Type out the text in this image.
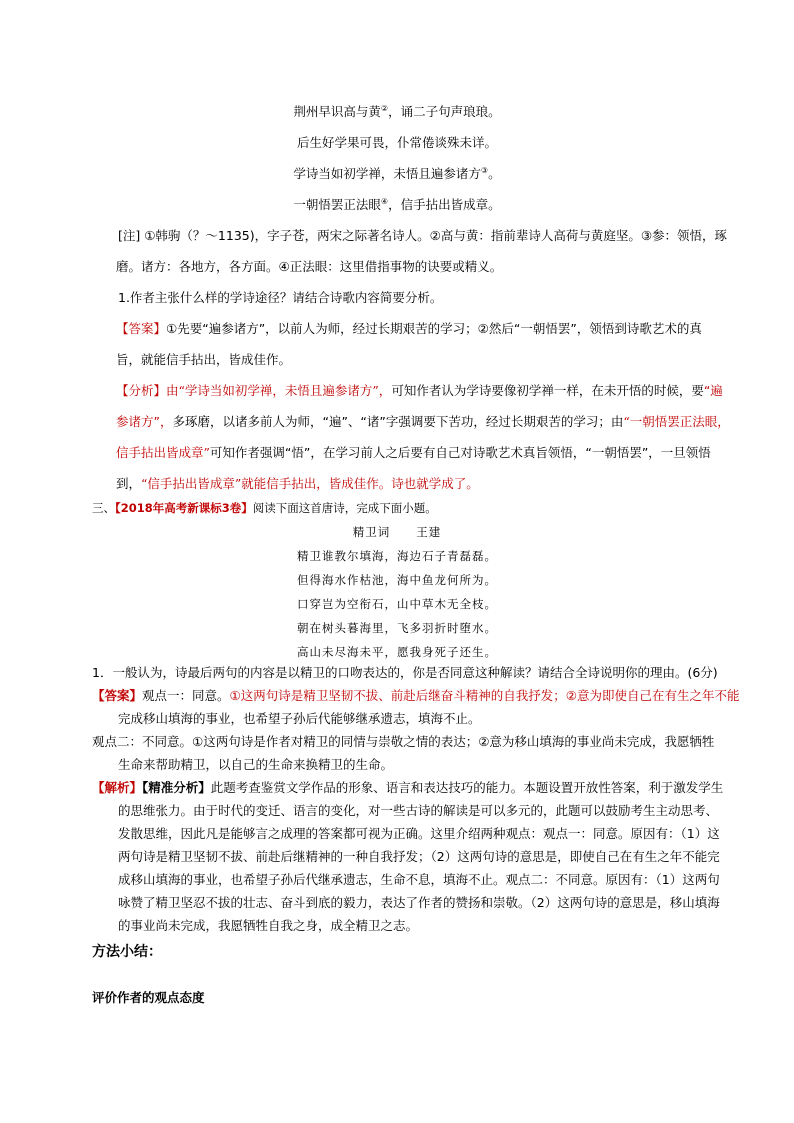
荆州早识高与黄②，诵二子句声琅琅。
后生好学果可畏，仆常倦谈殊未详。
学诗当如初学禅，未悟且遍参诸方③。
一朝悟罢正法眼④，信手拈出皆成章。
[注] ①韩驹（？～1135)，字子苍，两宋之际著名诗人。②高与黄：指前辈诗人高荷与黄庭坚。③参：领悟，琢
磨。诸方：各地方，各方面。④正法眼：这里借指事物的诀要或精义。
1.作者主张什么样的学诗途径？请结合诗歌内容简要分析。
【答案】①先要“遍参诸方”，以前人为师，经过长期艰苦的学习；②然后“一朝悟罢”，领悟到诗歌艺术的真
旨，就能信手拈出，皆成佳作。
【分析】由“学诗当如初学禅，未悟且遍参诸方”，可知作者认为学诗要像初学禅一样，在未开悟的时候，要“遍
参诸方”，多琢磨，以诸多前人为师，“遍”、“诸”字强调要下苦功，经过长期艰苦的学习；由“一朝悟罢正法眼，
信手拈出皆成章”可知作者强调“悟”，在学习前人之后要有自己对诗歌艺术真旨领悟，“一朝悟罢”，一旦领悟
到，“信手拈出皆成章”就能信手拈出，皆成佳作。诗也就学成了。
三、【2018年高考新课标3卷】阅读下面这首唐诗，完成下面小题。
精卫词 王建
精卫谁教尔填海，海边石子青磊磊。
但得海水作枯池，海中鱼龙何所为。
口穿岂为空衔石，山中草木无全枝。
朝在树头暮海里，飞多羽折时堕水。
高山未尽海未平，愿我身死子还生。
1．一般认为，诗最后两句的内容是以精卫的口吻表达的，你是否同意这种解读？请结合全诗说明你的理由。(6分)
【答案】观点一：同意。①这两句诗是精卫坚韧不拔、前赴后继奋斗精神的自我抒发；②意为即使自己在有生之年不能
完成移山填海的事业，也希望子孙后代能够继承遗志，填海不止。
观点二：不同意。①这两句诗是作者对精卫的同情与崇敬之情的表达；②意为移山填海的事业尚未完成，我愿牺牲
生命来帮助精卫，以自己的生命来换精卫的生命。
【解析】【精准分析】此题考查鉴赏文学作品的形象、语言和表达技巧的能力。本题设置开放性答案，利于激发学生
的思维张力。由于时代的变迁、语言的变化，对一些古诗的解读是可以多元的，此题可以鼓励考生主动思考、
发散思维，因此凡是能够言之成理的答案都可视为正确。这里介绍两种观点：观点一：同意。原因有：（1）这
两句诗是精卫坚韧不拔、前赴后继精神的一种自我抒发；（2）这两句诗的意思是，即使自己在有生之年不能完
成移山填海的事业，也希望子孙后代继承遗志，生命不息，填海不止。观点二：不同意。原因有：（1）这两句
咏赞了精卫坚忍不拔的壮志、奋斗到底的毅力，表达了作者的赞扬和崇敬。（2）这两句诗的意思是，移山填海
的事业尚未完成，我愿牺牲自我之身，成全精卫之志。
方法小结：
评价作者的观点态度
